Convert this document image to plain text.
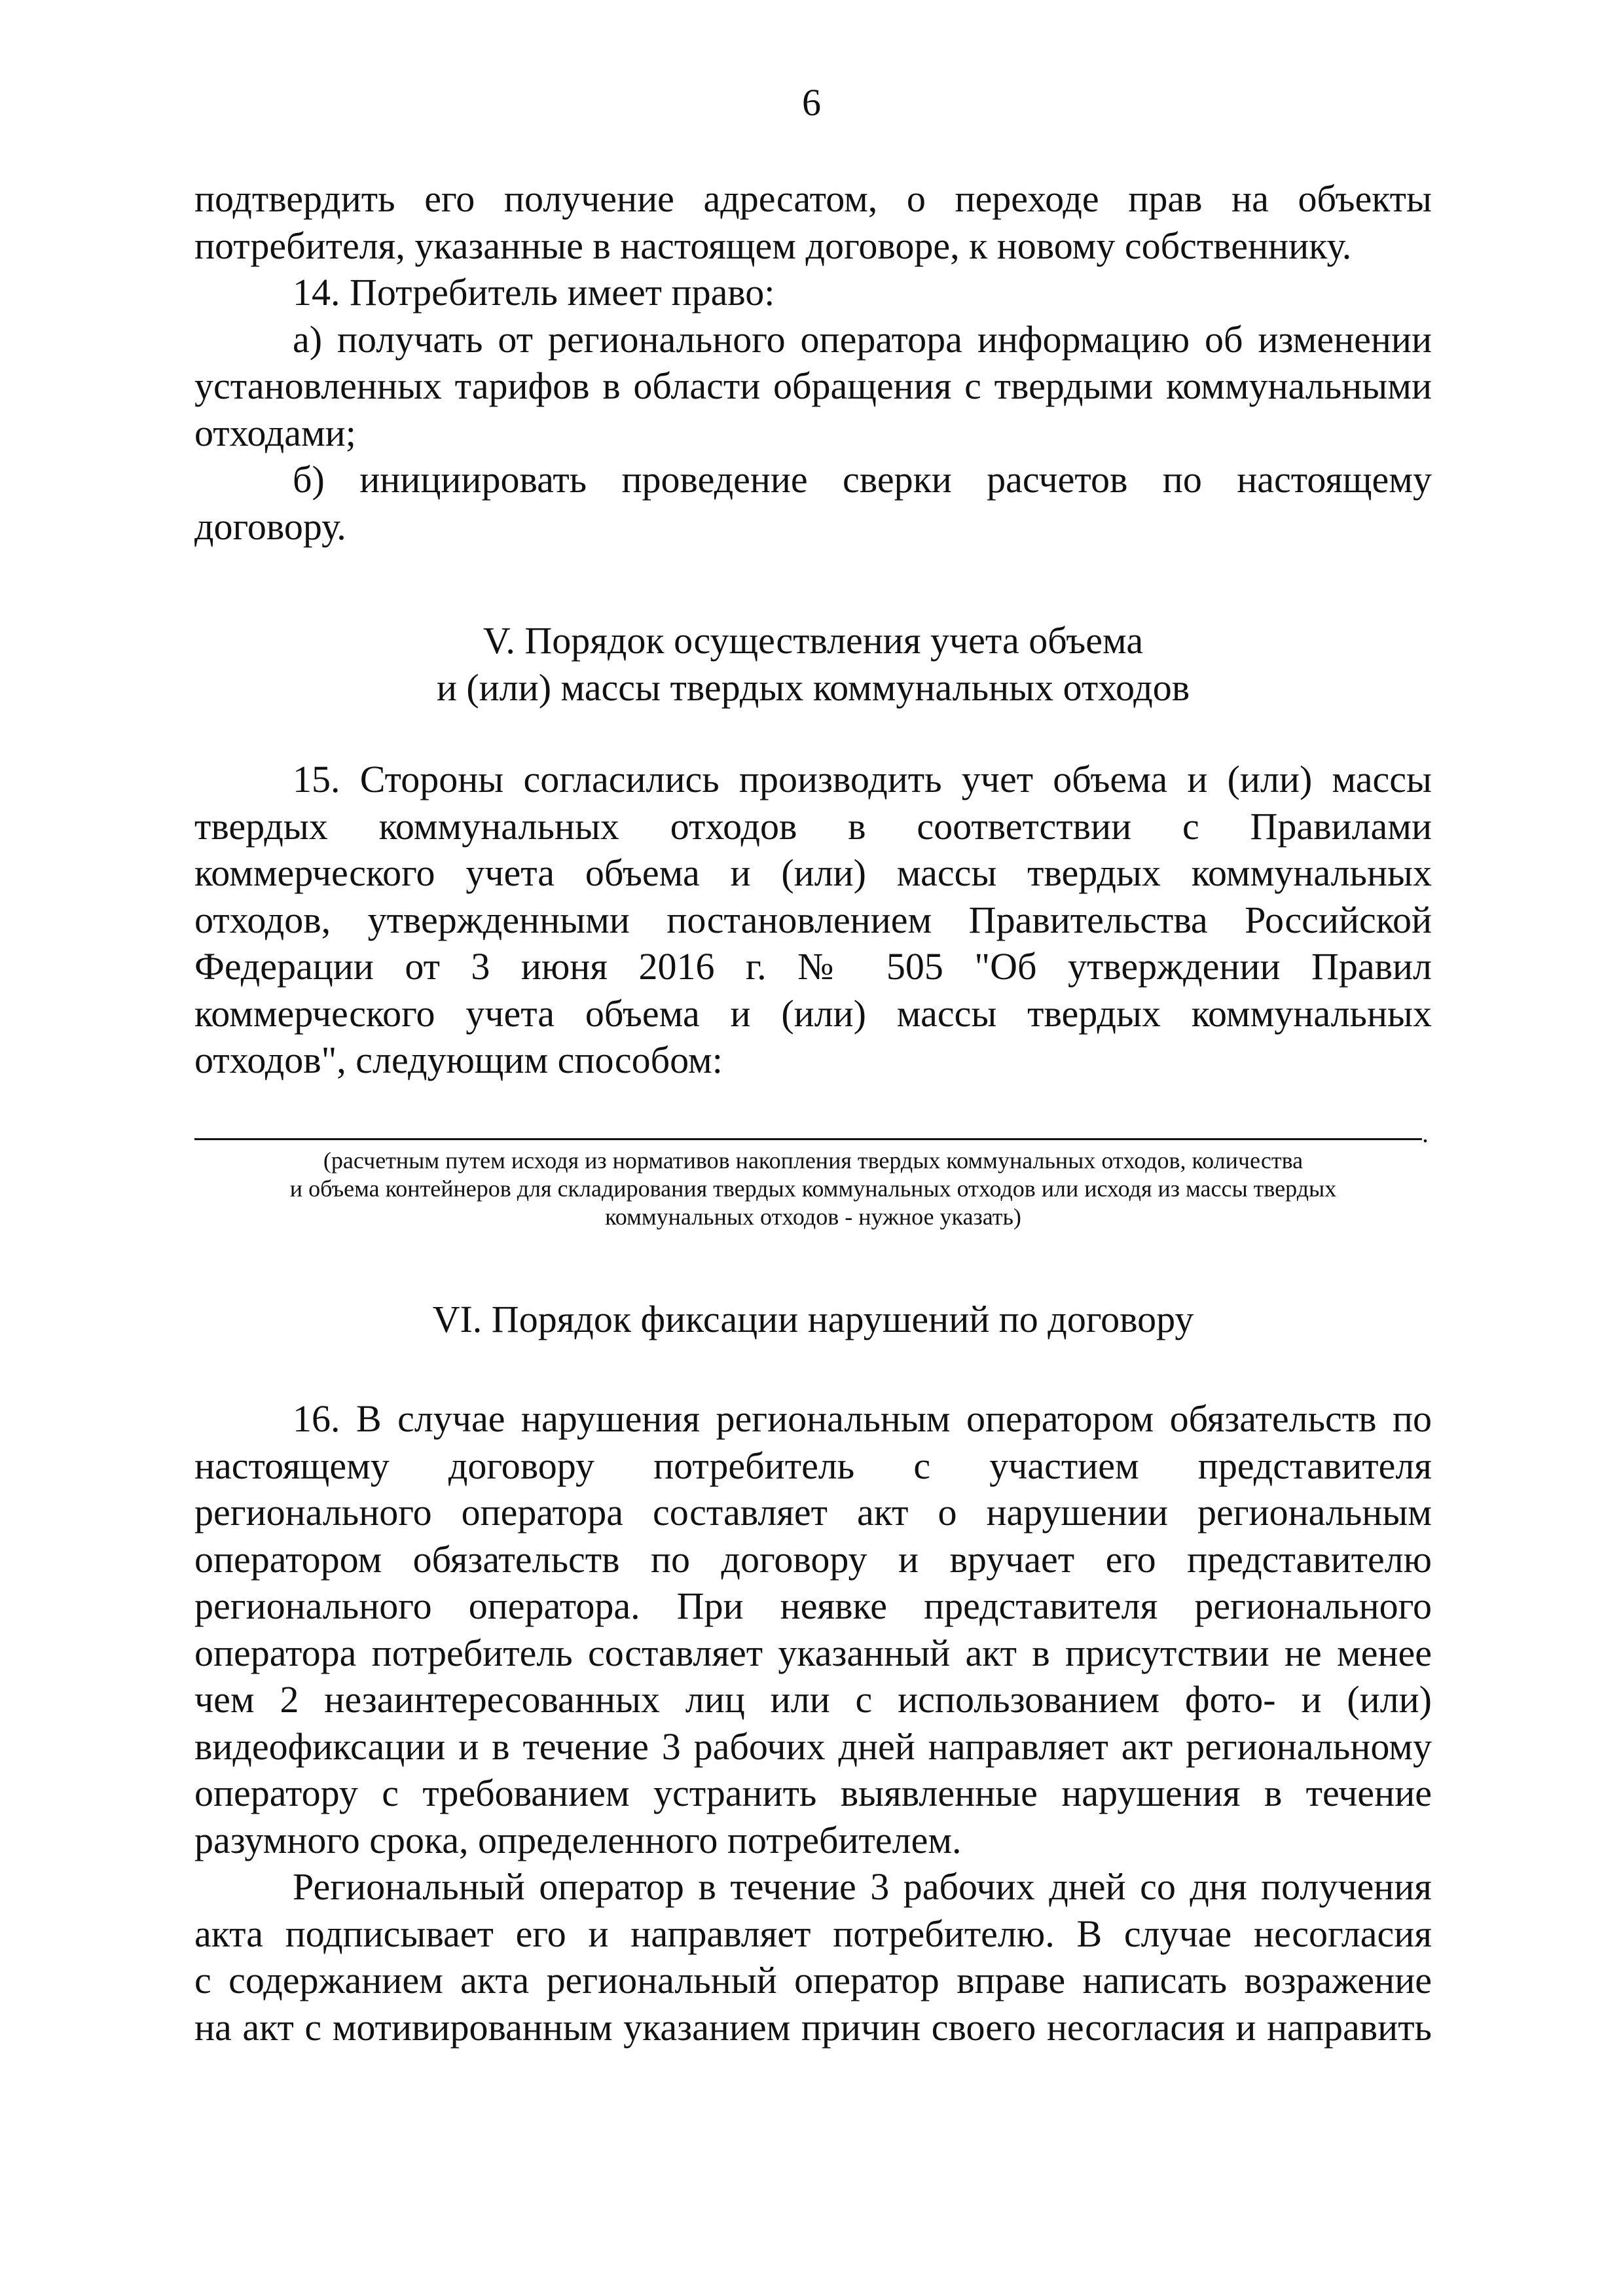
6

подтвердить его получение адресатом, о переходе прав на объекты
потребителя, указанные в настоящем договоре, к новому собственнику.

14. Потребитель имеет право:

а) получать от регионального оператора информацию об изменении
установленных тарифов в области обращения с твердыми коммунальными
отходами;

б) инициировать проведение сверки расчетов по настоящему
договору.

V. Порядок осуществления учета объема
и (или) массы твердых коммунальных отходов
15. Стороны согласились производить учет объема и (или) массы
твердых коммунальных отходов в соответствии с Правилами
коммерческого учета объема и (или) массы твердых коммунальных
отходов, утвержденными постановлением Правительства Российской
Федерации от 3 июня 2016 г. № 505 "Об утверждении Правил
коммерческого учета объема и (или) массы твердых коммунальных
отходов", следующим способом:
.
(расчетным путем исходя из нормативов накопления твердых коммунальных отходов, количества
и объема контейнеров для складирования твердых коммунальных отходов или исходя из массы твердых
коммунальных отходов - нужное указать)
VI. Порядок фиксации нарушений по договору

16. В случае нарушения региональным оператором обязательств по
настоящему договору потребитель с участием представителя
регионального оператора составляет акт о нарушении региональным
оператором обязательств по договору и вручает его представителю
регионального оператора. При неявке представителя регионального
оператора потребитель составляет указанный акт в присутствии не менее
чем 2 незаинтересованных лиц или с использованием фото- и (или)
видеофиксации и в течение 3 рабочих дней направляет акт региональному
оператору с требованием устранить выявленные нарушения в течение
разумного срока, определенного потребителем.

Региональный оператор в течение 3 рабочих дней со дня получения
акта подписывает его и направляет потребителю. В случае несогласия
с содержанием акта региональный оператор вправе написать возражение
на акт с мотивированным указанием причин своего несогласия и направить
